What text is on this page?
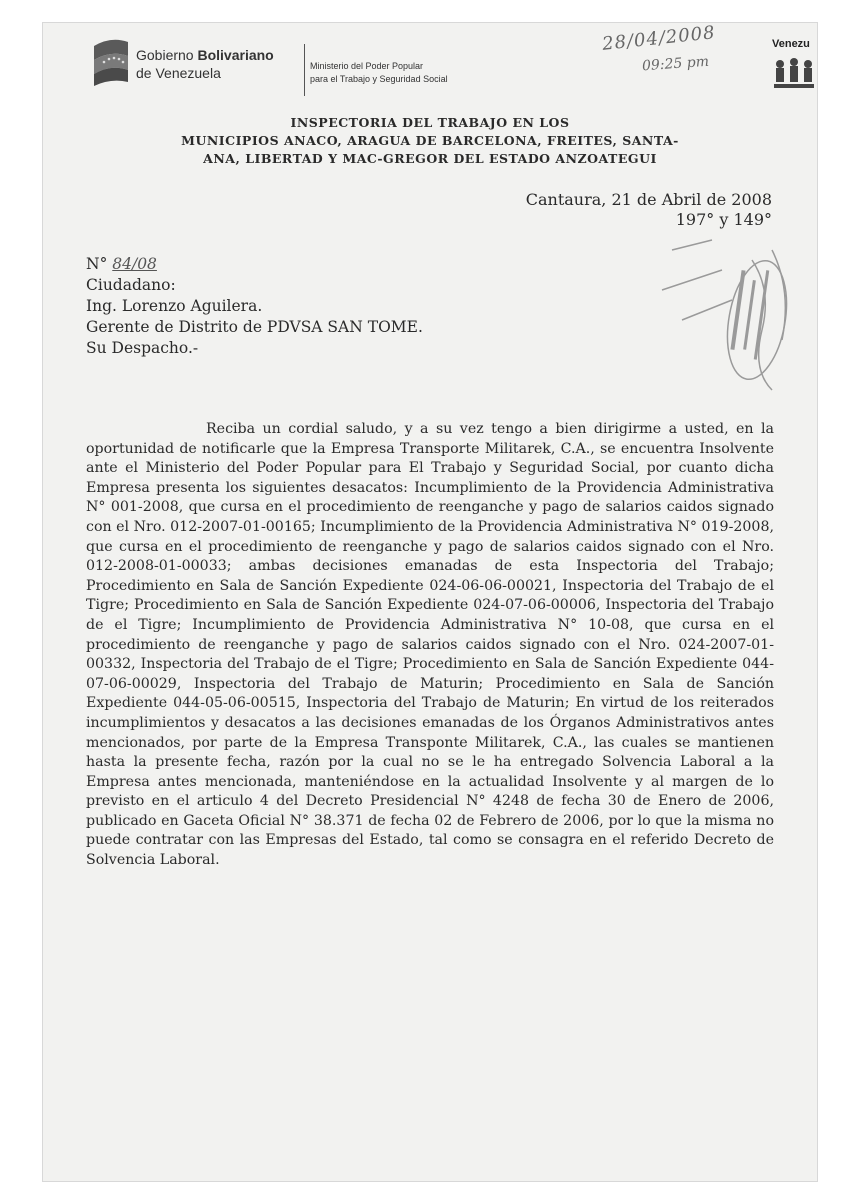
Gobierno Bolivariano
de Venezuela	Ministerio del Poder Popular
para el Trabajo y Seguridad Social
28/04/2008
09:25 pm
Venezu
INSPECTORIA DEL TRABAJO EN LOS
MUNICIPIOS ANACO, ARAGUA DE BARCELONA, FREITES, SANTA-
ANA, LIBERTAD Y MAC-GREGOR DEL ESTADO ANZOATEGUI
Cantaura, 21 de Abril de 2008
197° y 149°
N° 84/08
Ciudadano:
Ing. Lorenzo Aguilera.
Gerente de Distrito de PDVSA SAN TOME.
Su Despacho.-
Reciba un cordial saludo, y a su vez tengo a bien dirigirme a usted, en la oportunidad de notificarle que la Empresa Transporte Militarek, C.A., se encuentra Insolvente ante el Ministerio del Poder Popular para El Trabajo y Seguridad Social, por cuanto dicha Empresa presenta los siguientes desacatos: Incumplimiento de la Providencia Administrativa N° 001-2008, que cursa en el procedimiento de reenganche y pago de salarios caidos signado con el Nro. 012-2007-01-00165; Incumplimiento de la Providencia Administrativa N° 019-2008, que cursa en el procedimiento de reenganche y pago de salarios caidos signado con el Nro. 012-2008-01-00033; ambas decisiones emanadas de esta Inspectoria del Trabajo; Procedimiento en Sala de Sanción Expediente 024-06-06-00021, Inspectoria del Trabajo de el Tigre; Procedimiento en Sala de Sanción Expediente 024-07-06-00006, Inspectoria del Trabajo de el Tigre; Incumplimiento de Providencia Administrativa N° 10-08, que cursa en el procedimiento de reenganche y pago de salarios caidos signado con el Nro. 024-2007-01-00332, Inspectoria del Trabajo de el Tigre; Procedimiento en Sala de Sanción Expediente 044-07-06-00029, Inspectoria del Trabajo de Maturin; Procedimiento en Sala de Sanción Expediente 044-05-06-00515, Inspectoria del Trabajo de Maturin; En virtud de los reiterados incumplimientos y desacatos a las decisiones emanadas de los Órganos Administrativos antes mencionados, por parte de la Empresa Transponte Militarek, C.A., las cuales se mantienen hasta la presente fecha, razón por la cual no se le ha entregado Solvencia Laboral a la Empresa antes mencionada, manteniéndose en la actualidad Insolvente y al margen de lo previsto en el articulo 4 del Decreto Presidencial N° 4248 de fecha 30 de Enero de 2006, publicado en Gaceta Oficial N° 38.371 de fecha 02 de Febrero de 2006, por lo que la misma no puede contratar con las Empresas del Estado, tal como se consagra en el referido Decreto de Solvencia Laboral.
